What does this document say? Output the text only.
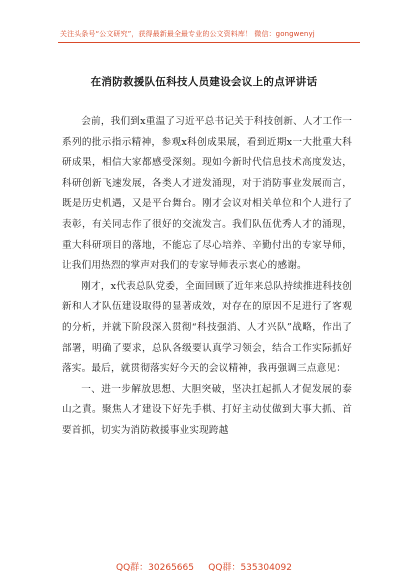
关注头条号“公文研究”，获得最新最全最专业的公文资料库！ 微信：gongwenyj
在消防救援队伍科技人员建设会议上的点评讲话

会前，我们到x重温了习近平总书记关于科技创新、人才工作一系列的批示指示精神，参观x科创成果展，看到近期x一大批重大科研成果，相信大家都感受深刻。现如今新时代信息技术高度发达，科研创新飞速发展，各类人才迸发涌现，对于消防事业发展而言，既是历史机遇，又是平台舞台。刚才会议对相关单位和个人进行了表彰，有关同志作了很好的交流发言。我们队伍优秀人才的涌现，重大科研项目的落地，不能忘了尽心培养、辛勤付出的专家导师，让我们用热烈的掌声对我们的专家导师表示衷心的感谢。

刚才，x代表总队党委，全面回顾了近年来总队持续推进科技创新和人才队伍建设取得的显著成效，对存在的原因不足进行了客观的分析，并就下阶段深入贯彻“科技强消、人才兴队”战略，作出了部署，明确了要求，总队各级要认真学习领会，结合工作实际抓好落实。最后，就贯彻落实好今天的会议精神，我再强调三点意见：

一、进一步解放思想、大胆突破，坚决扛起抓人才促发展的泰山之責。聚焦人才建设下好先手棋、打好主动仗做到大事大抓、首要首抓，切实为消防救援事业实现跨越

QQ群：30265665     QQ群：535304092
